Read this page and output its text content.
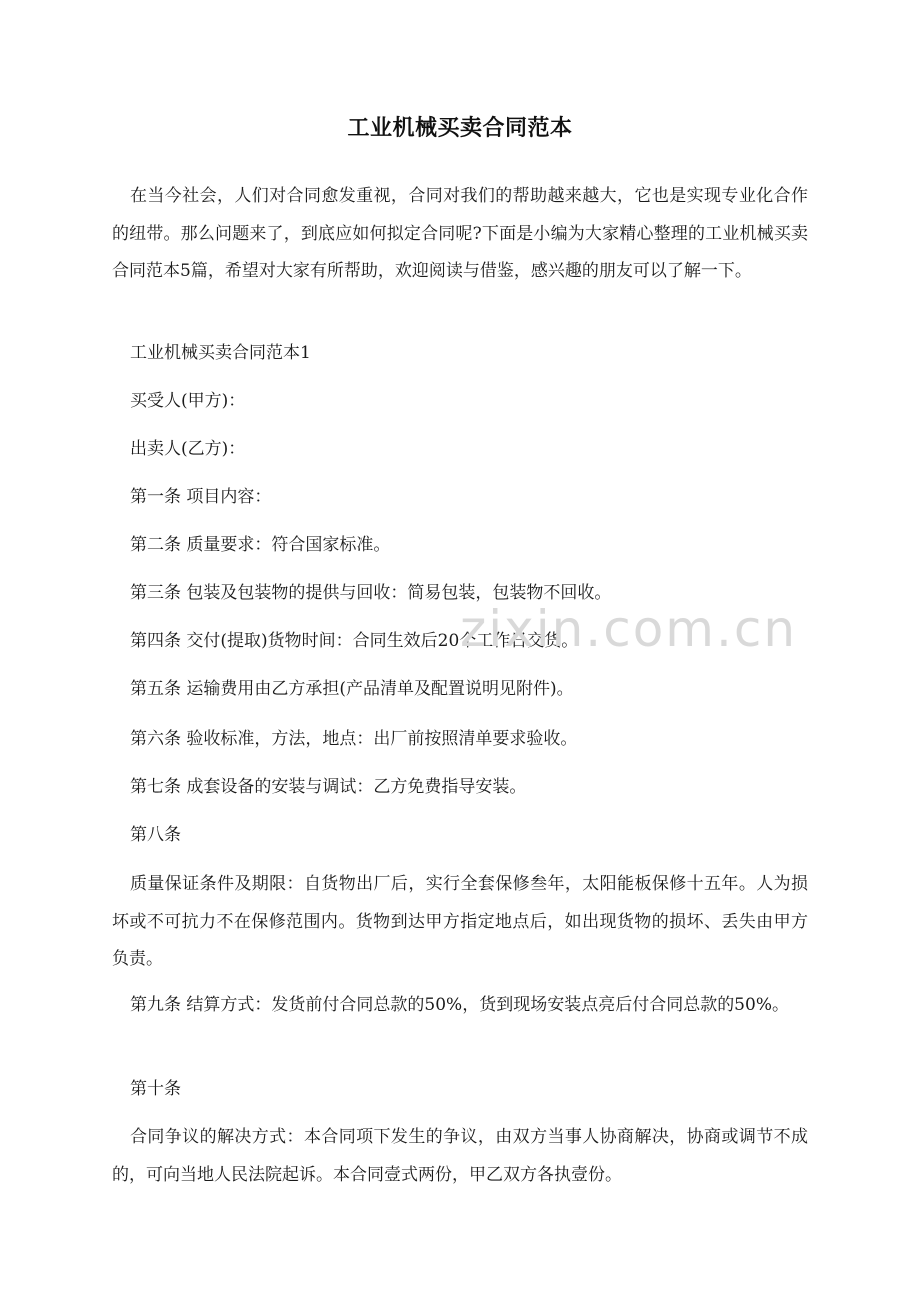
工业机械买卖合同范本
在当今社会，人们对合同愈发重视，合同对我们的帮助越来越大，它也是实现专业化合作的纽带。那么问题来了，到底应如何拟定合同呢?下面是小编为大家精心整理的工业机械买卖合同范本5篇，希望对大家有所帮助，欢迎阅读与借鉴，感兴趣的朋友可以了解一下。
工业机械买卖合同范本1
买受人(甲方)：
出卖人(乙方)：
第一条 项目内容：
第二条 质量要求：符合国家标准。
第三条 包装及包装物的提供与回收：简易包装，包装物不回收。
第四条 交付(提取)货物时间：合同生效后20个工作日交货。
第五条 运输费用由乙方承担(产品清单及配置说明见附件)。
第六条 验收标准，方法，地点：出厂前按照清单要求验收。
第七条 成套设备的安装与调试：乙方免费指导安装。
第八条
质量保证条件及期限：自货物出厂后，实行全套保修叁年，太阳能板保修十五年。人为损坏或不可抗力不在保修范围内。货物到达甲方指定地点后，如出现货物的损坏、丢失由甲方负责。
第九条 结算方式：发货前付合同总款的50%，货到现场安装点亮后付合同总款的50%。
第十条
合同争议的解决方式：本合同项下发生的争议，由双方当事人协商解决，协商或调节不成的，可向当地人民法院起诉。本合同壹式两份，甲乙双方各执壹份。
zixin.com.cn
